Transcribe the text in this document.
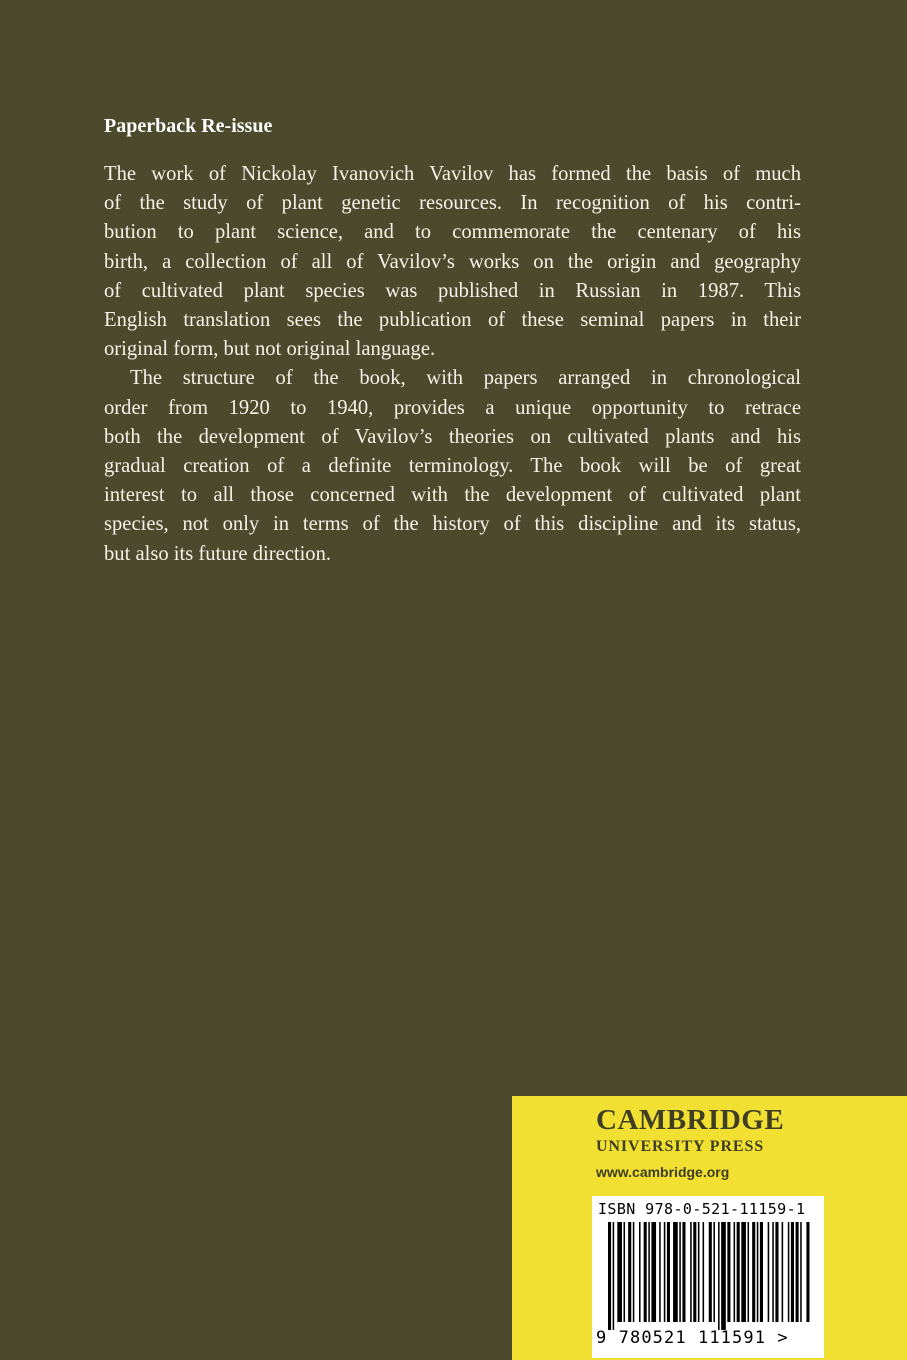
Paperback Re-issue

The work of Nickolay Ivanovich Vavilov has formed the basis of much
of the study of plant genetic resources. In recognition of his contri-
bution to plant science, and to commemorate the centenary of his
birth, a collection of all of Vavilov’s works on the origin and geography
of cultivated plant species was published in Russian in 1987. This
English translation sees the publication of these seminal papers in their
original form, but not original language.

The structure of the book, with papers arranged in chronological
order from 1920 to 1940, provides a unique opportunity to retrace
both the development of Vavilov’s theories on cultivated plants and his
gradual creation of a definite terminology. The book will be of great
interest to all those concerned with the development of cultivated plant
species, not only in terms of the history of this discipline and its status,
but also its future direction.

CAMBRIDGE
UNIVERSITY PRESS
www.cambridge.org
ISBN 978-0-521-11159-1
9 780521 111591 >
